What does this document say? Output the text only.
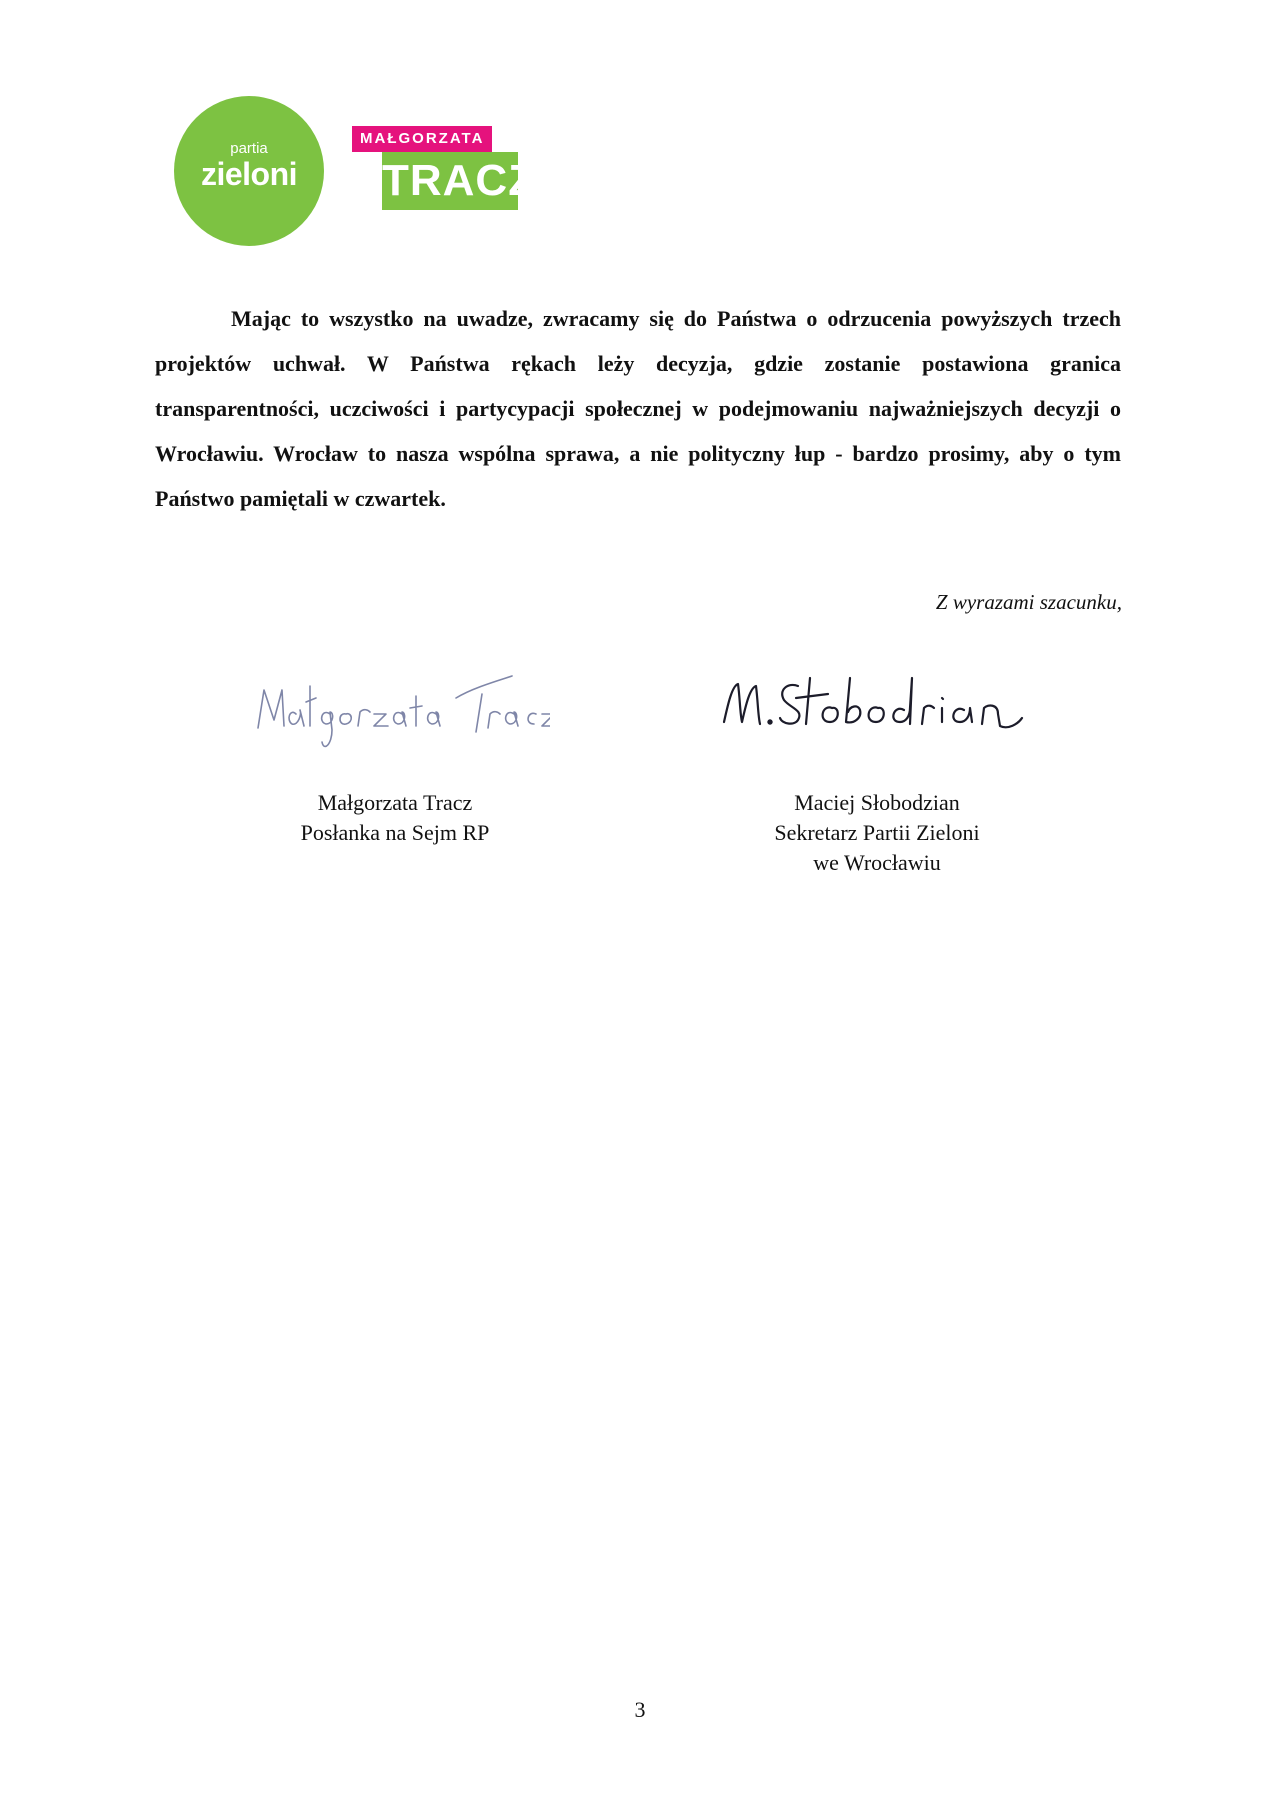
partia
zieloni
MAŁGORZATA
TRACZ

Mając to wszystko na uwadze, zwracamy się do Państwa o odrzucenia powyższych trzech projektów uchwał. W Państwa rękach leży decyzja, gdzie zostanie postawiona granica transparentności, uczciwości i partycypacji społecznej w podejmowaniu najważniejszych decyzji o Wrocławiu. Wrocław to nasza wspólna sprawa, a nie polityczny łup - bardzo prosimy, aby o tym Państwo pamiętali w czwartek.

Z wyrazami szacunku,
Małgorzata Tracz
Posłanka na Sejm RP
Maciej Słobodzian
Sekretarz Partii Zieloni
we Wrocławiu
3
